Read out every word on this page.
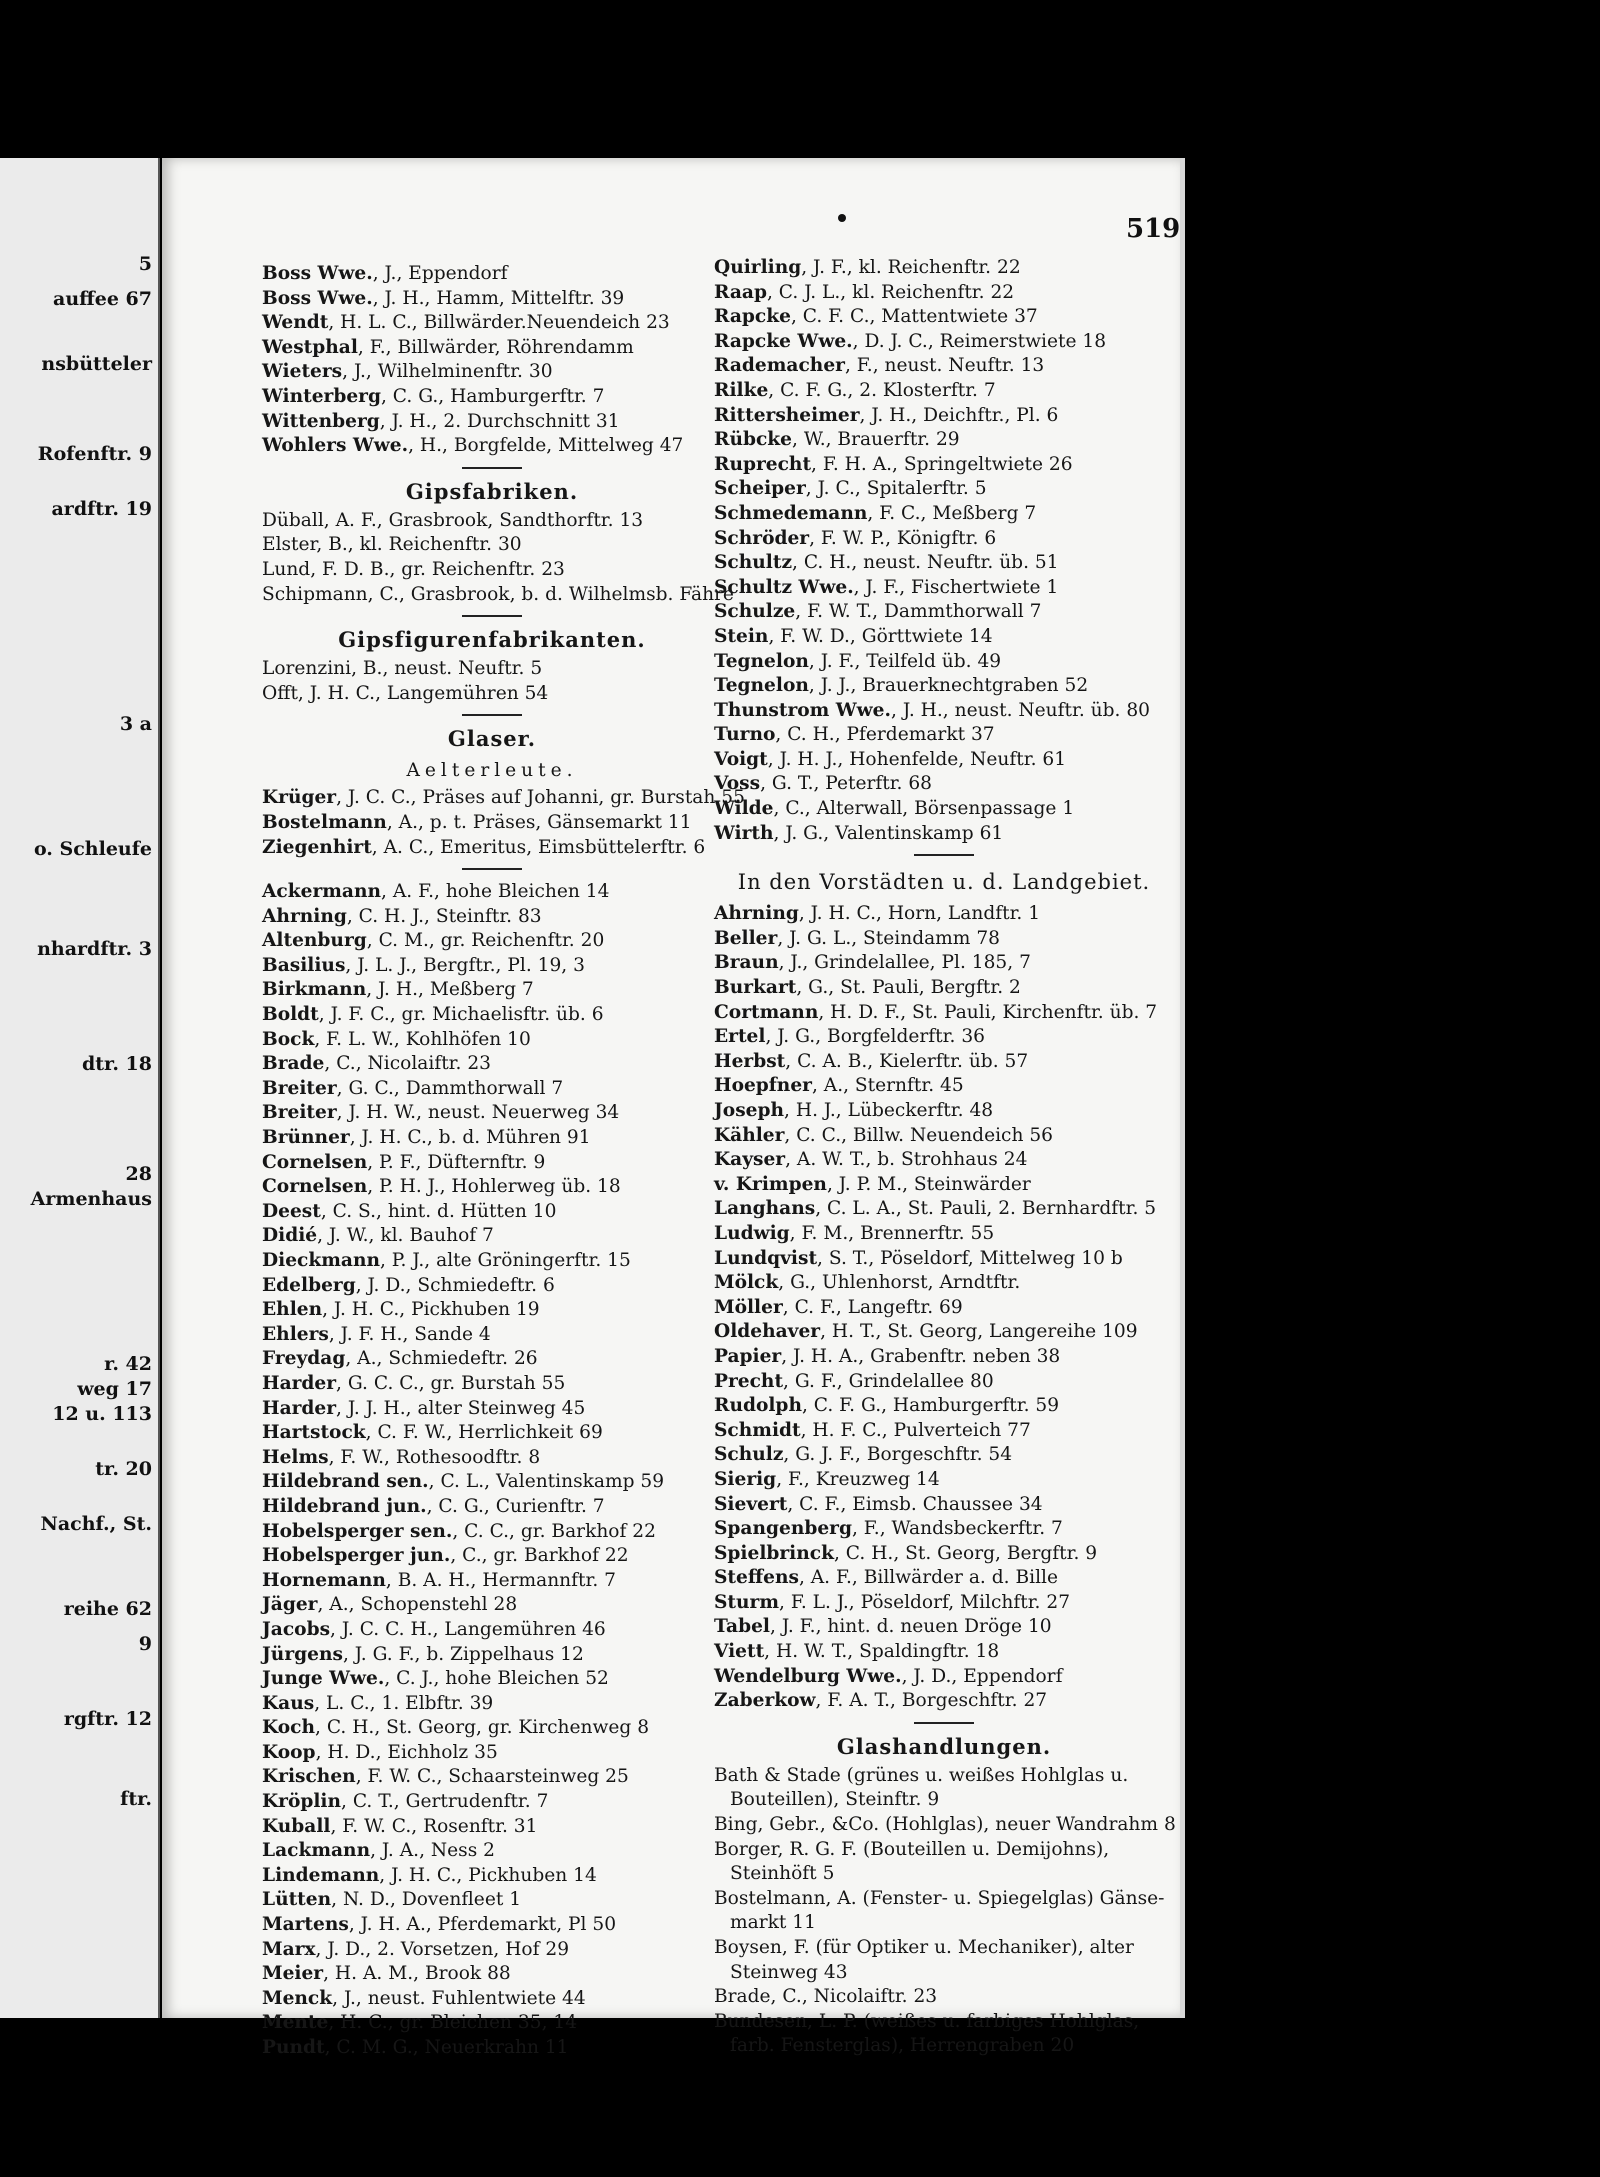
5
auffee 67
nsbütteler
Rofenftr. 9
ardftr. 19
3 a
o. Schleufe
nhardftr. 3
dtr. 18
28
Armenhaus
r. 42
weg 17
12 u. 113
tr. 20
Nachf., St.
reihe 62
9
rgftr. 12
ftr.
519
Boss Wwe., J., Eppendorf
Boss Wwe., J. H., Hamm, Mittelftr. 39
Wendt, H. L. C., Billwärder.Neuendeich 23
Westphal, F., Billwärder, Röhrendamm
Wieters, J., Wilhelminenftr. 30
Winterberg, C. G., Hamburgerftr. 7
Wittenberg, J. H., 2. Durchschnitt 31
Wohlers Wwe., H., Borgfelde, Mittelweg 47
Gipsfabriken.
Düball, A. F., Grasbrook, Sandthorftr. 13
Elster, B., kl. Reichenftr. 30
Lund, F. D. B., gr. Reichenftr. 23
Schipmann, C., Grasbrook, b. d. Wilhelmsb. Fähre
Gipsfigurenfabrikanten.
Lorenzini, B., neust. Neuftr. 5
Offt, J. H. C., Langemühren 54
Glaser.
Aelterleute.
Krüger, J. C. C., Präses auf Johanni, gr. Burstah 55
Bostelmann, A., p. t. Präses, Gänsemarkt 11
Ziegenhirt, A. C., Emeritus, Eimsbüttelerftr. 6
Ackermann, A. F., hohe Bleichen 14
Ahrning, C. H. J., Steinftr. 83
Altenburg, C. M., gr. Reichenftr. 20
Basilius, J. L. J., Bergftr., Pl. 19, 3
Birkmann, J. H., Meßberg 7
Boldt, J. F. C., gr. Michaelisftr. üb. 6
Bock, F. L. W., Kohlhöfen 10
Brade, C., Nicolaiftr. 23
Breiter, G. C., Dammthorwall 7
Breiter, J. H. W., neust. Neuerweg 34
Brünner, J. H. C., b. d. Mühren 91
Cornelsen, P. F., Düfternftr. 9
Cornelsen, P. H. J., Hohlerweg üb. 18
Deest, C. S., hint. d. Hütten 10
Didié, J. W., kl. Bauhof 7
Dieckmann, P. J., alte Gröningerftr. 15
Edelberg, J. D., Schmiedeftr. 6
Ehlen, J. H. C., Pickhuben 19
Ehlers, J. F. H., Sande 4
Freydag, A., Schmiedeftr. 26
Harder, G. C. C., gr. Burstah 55
Harder, J. J. H., alter Steinweg 45
Hartstock, C. F. W., Herrlichkeit 69
Helms, F. W., Rothesoodftr. 8
Hildebrand sen., C. L., Valentinskamp 59
Hildebrand jun., C. G., Curienftr. 7
Hobelsperger sen., C. C., gr. Barkhof 22
Hobelsperger jun., C., gr. Barkhof 22
Hornemann, B. A. H., Hermannftr. 7
Jäger, A., Schopenstehl 28
Jacobs, J. C. C. H., Langemühren 46
Jürgens, J. G. F., b. Zippelhaus 12
Junge Wwe., C. J., hohe Bleichen 52
Kaus, L. C., 1. Elbftr. 39
Koch, C. H., St. Georg, gr. Kirchenweg 8
Koop, H. D., Eichholz 35
Krischen, F. W. C., Schaarsteinweg 25
Kröplin, C. T., Gertrudenftr. 7
Kuball, F. W. C., Rosenftr. 31
Lackmann, J. A., Ness 2
Lindemann, J. H. C., Pickhuben 14
Lütten, N. D., Dovenfleet 1
Martens, J. H. A., Pferdemarkt, Pl 50
Marx, J. D., 2. Vorsetzen, Hof 29
Meier, H. A. M., Brook 88
Menck, J., neust. Fuhlentwiete 44
Mente, H. C., gr. Bleichen 35, 14
Pundt, C. M. G., Neuerkrahn 11
Quirling, J. F., kl. Reichenftr. 22
Raap, C. J. L., kl. Reichenftr. 22
Rapcke, C. F. C., Mattentwiete 37
Rapcke Wwe., D. J. C., Reimerstwiete 18
Rademacher, F., neust. Neuftr. 13
Rilke, C. F. G., 2. Klosterftr. 7
Rittersheimer, J. H., Deichftr., Pl. 6
Rübcke, W., Brauerftr. 29
Ruprecht, F. H. A., Springeltwiete 26
Scheiper, J. C., Spitalerftr. 5
Schmedemann, F. C., Meßberg 7
Schröder, F. W. P., Königftr. 6
Schultz, C. H., neust. Neuftr. üb. 51
Schultz Wwe., J. F., Fischertwiete 1
Schulze, F. W. T., Dammthorwall 7
Stein, F. W. D., Görttwiete 14
Tegnelon, J. F., Teilfeld üb. 49
Tegnelon, J. J., Brauerknechtgraben 52
Thunstrom Wwe., J. H., neust. Neuftr. üb. 80
Turno, C. H., Pferdemarkt 37
Voigt, J. H. J., Hohenfelde, Neuftr. 61
Voss, G. T., Peterftr. 68
Wilde, C., Alterwall, Börsenpassage 1
Wirth, J. G., Valentinskamp 61
In den Vorstädten u. d. Landgebiet.
Ahrning, J. H. C., Horn, Landftr. 1
Beller, J. G. L., Steindamm 78
Braun, J., Grindelallee, Pl. 185, 7
Burkart, G., St. Pauli, Bergftr. 2
Cortmann, H. D. F., St. Pauli, Kirchenftr. üb. 7
Ertel, J. G., Borgfelderftr. 36
Herbst, C. A. B., Kielerftr. üb. 57
Hoepfner, A., Sternftr. 45
Joseph, H. J., Lübeckerftr. 48
Kähler, C. C., Billw. Neuendeich 56
Kayser, A. W. T., b. Strohhaus 24
v. Krimpen, J. P. M., Steinwärder
Langhans, C. L. A., St. Pauli, 2. Bernhardftr. 5
Ludwig, F. M., Brennerftr. 55
Lundqvist, S. T., Pöseldorf, Mittelweg 10 b
Mölck, G., Uhlenhorst, Arndtftr.
Möller, C. F., Langeftr. 69
Oldehaver, H. T., St. Georg, Langereihe 109
Papier, J. H. A., Grabenftr. neben 38
Precht, G. F., Grindelallee 80
Rudolph, C. F. G., Hamburgerftr. 59
Schmidt, H. F. C., Pulverteich 77
Schulz, G. J. F., Borgeschftr. 54
Sierig, F., Kreuzweg 14
Sievert, C. F., Eimsb. Chaussee 34
Spangenberg, F., Wandsbeckerftr. 7
Spielbrinck, C. H., St. Georg, Bergftr. 9
Steffens, A. F., Billwärder a. d. Bille
Sturm, F. L. J., Pöseldorf, Milchftr. 27
Tabel, J. F., hint. d. neuen Dröge 10
Viett, H. W. T., Spaldingftr. 18
Wendelburg Wwe., J. D., Eppendorf
Zaberkow, F. A. T., Borgeschftr. 27
Glashandlungen.
Bath & Stade (grünes u. weißes Hohlglas u.
Bouteillen), Steinftr. 9
Bing, Gebr., &Co. (Hohlglas), neuer Wandrahm 8
Borger, R. G. F. (Bouteillen u. Demijohns),
Steinhöft 5
Bostelmann, A. (Fenster- u. Spiegelglas) Gänse-
markt 11
Boysen, F. (für Optiker u. Mechaniker), alter
Steinweg 43
Brade, C., Nicolaiftr. 23
Bundesen, L. P. (weißes u. farbiges Hohlglas,
farb. Fensterglas), Herrengraben 20
